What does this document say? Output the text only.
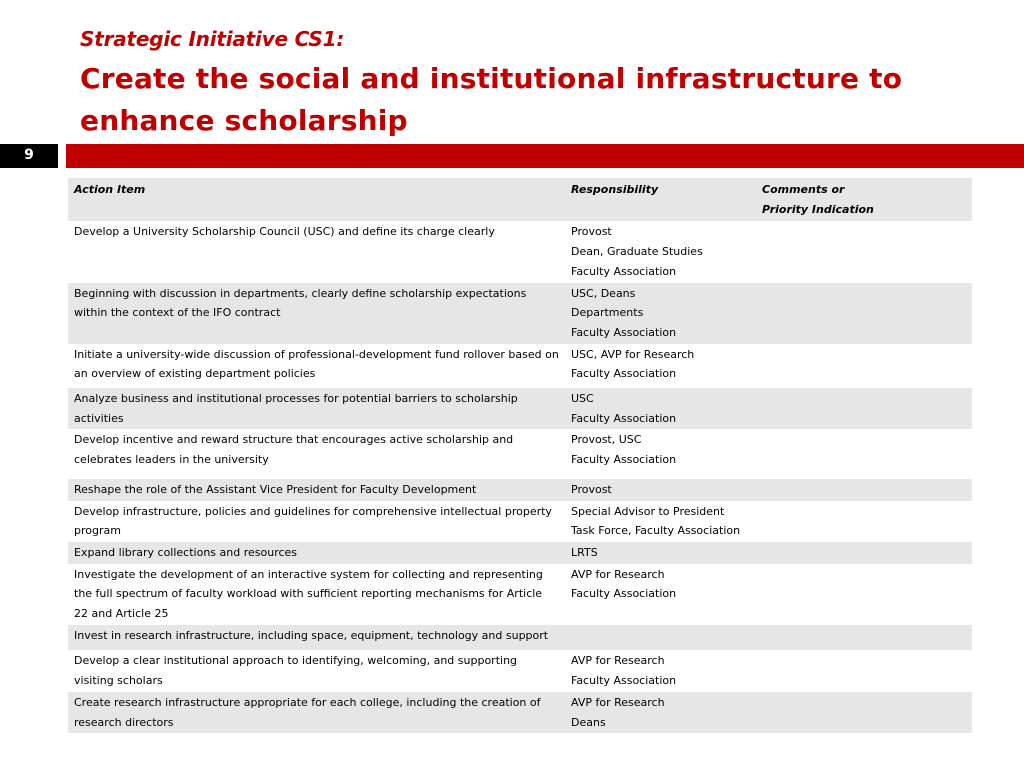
Strategic Initiative CS1:
Create the social and institutional infrastructure to enhance scholarship
9
Action Item	Responsibility	Comments or
Priority Indication

Develop a University Scholarship Council (USC) and define its charge clearly	Provost
Dean, Graduate Studies
Faculty Association	

Beginning with discussion in departments, clearly define scholarship expectations within the context of the IFO contract	USC, Deans
Departments
Faculty Association	

Initiate a university-wide discussion of professional-development fund rollover based on an overview of existing department policies	USC, AVP for Research
Faculty Association	

Analyze business and institutional processes for potential barriers to scholarship activities	USC
Faculty Association	

Develop incentive and reward structure that encourages active scholarship and celebrates leaders in the university	Provost, USC
Faculty Association	

Reshape the role of the Assistant Vice President for Faculty Development	Provost	

Develop infrastructure, policies and guidelines for comprehensive intellectual property program	Special Advisor to President
Task Force, Faculty Association	

Expand library collections and resources	LRTS	

Investigate the development of an interactive system for collecting and representing the full spectrum of faculty workload with sufficient reporting mechanisms for Article 22 and Article 25	AVP for Research
Faculty Association	

Invest in research infrastructure, including space, equipment, technology and support		
Develop a clear institutional approach to identifying, welcoming, and supporting visiting scholars	AVP for Research
Faculty Association	

Create research infrastructure appropriate for each college, including the creation of research directors	AVP for Research
Deans	
